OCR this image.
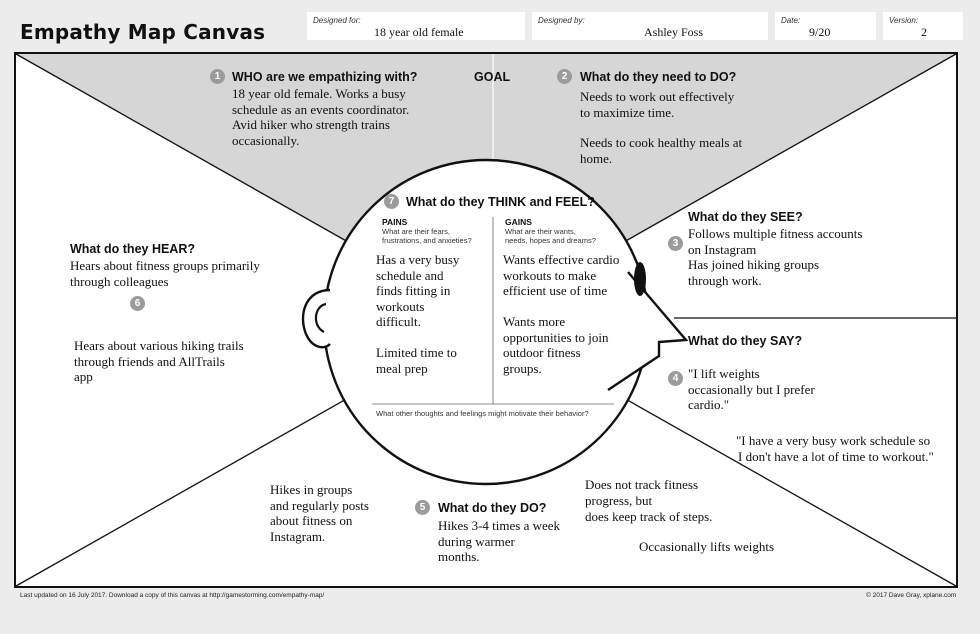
Empathy Map Canvas	Designed for:
18 year old female
Designed by:
Ashley Foss
Date:
9/20
Version:
2
GOAL
1 WHO are we empathizing with?
18 year old female. Works a busy
schedule as an events coordinator.
Avid hiker who strength trains
occasionally.
2	What do they need to DO?
Needs to work out effectively
to maximize time.
Needs to cook healthy meals at
home.
What do they SEE?
3
Follows multiple fitness accounts
on Instagram
Has joined hiking groups
through work.
What do they SAY?
4 "I lift weights
occasionally but I prefer
cardio."
"I have a very busy work schedule so
I don't have a lot of time to workout."
5	What do they DO?
Hikes 3-4 times a week
during warmer
months.
Hikes in groups
and regularly posts
about fitness on
Instagram.
Does not track fitness
progress, but
does keep track of steps.
Occasionally lifts weights
What do they HEAR?
Hears about fitness groups primarily
through colleagues
6
Hears about various hiking trails
through friends and AllTrails
app
7 What do they THINK and FEEL?
PAINS
What are their fears,
frustrations, and anxieties?
Has a very busy
schedule and
finds fitting in
workouts
difficult.
Limited time to
meal prep
GAINS
What are their wants,
needs, hopes and dreams?
Wants effective cardio
workouts to make
efficient use of time
Wants more
opportunities to join
outdoor fitness
groups.
What other thoughts and feelings might motivate their behavior?
Last updated on 16 July 2017. Download a copy of this canvas at http://gamestorming.com/empathy-map/	© 2017 Dave Gray, xplane.com
